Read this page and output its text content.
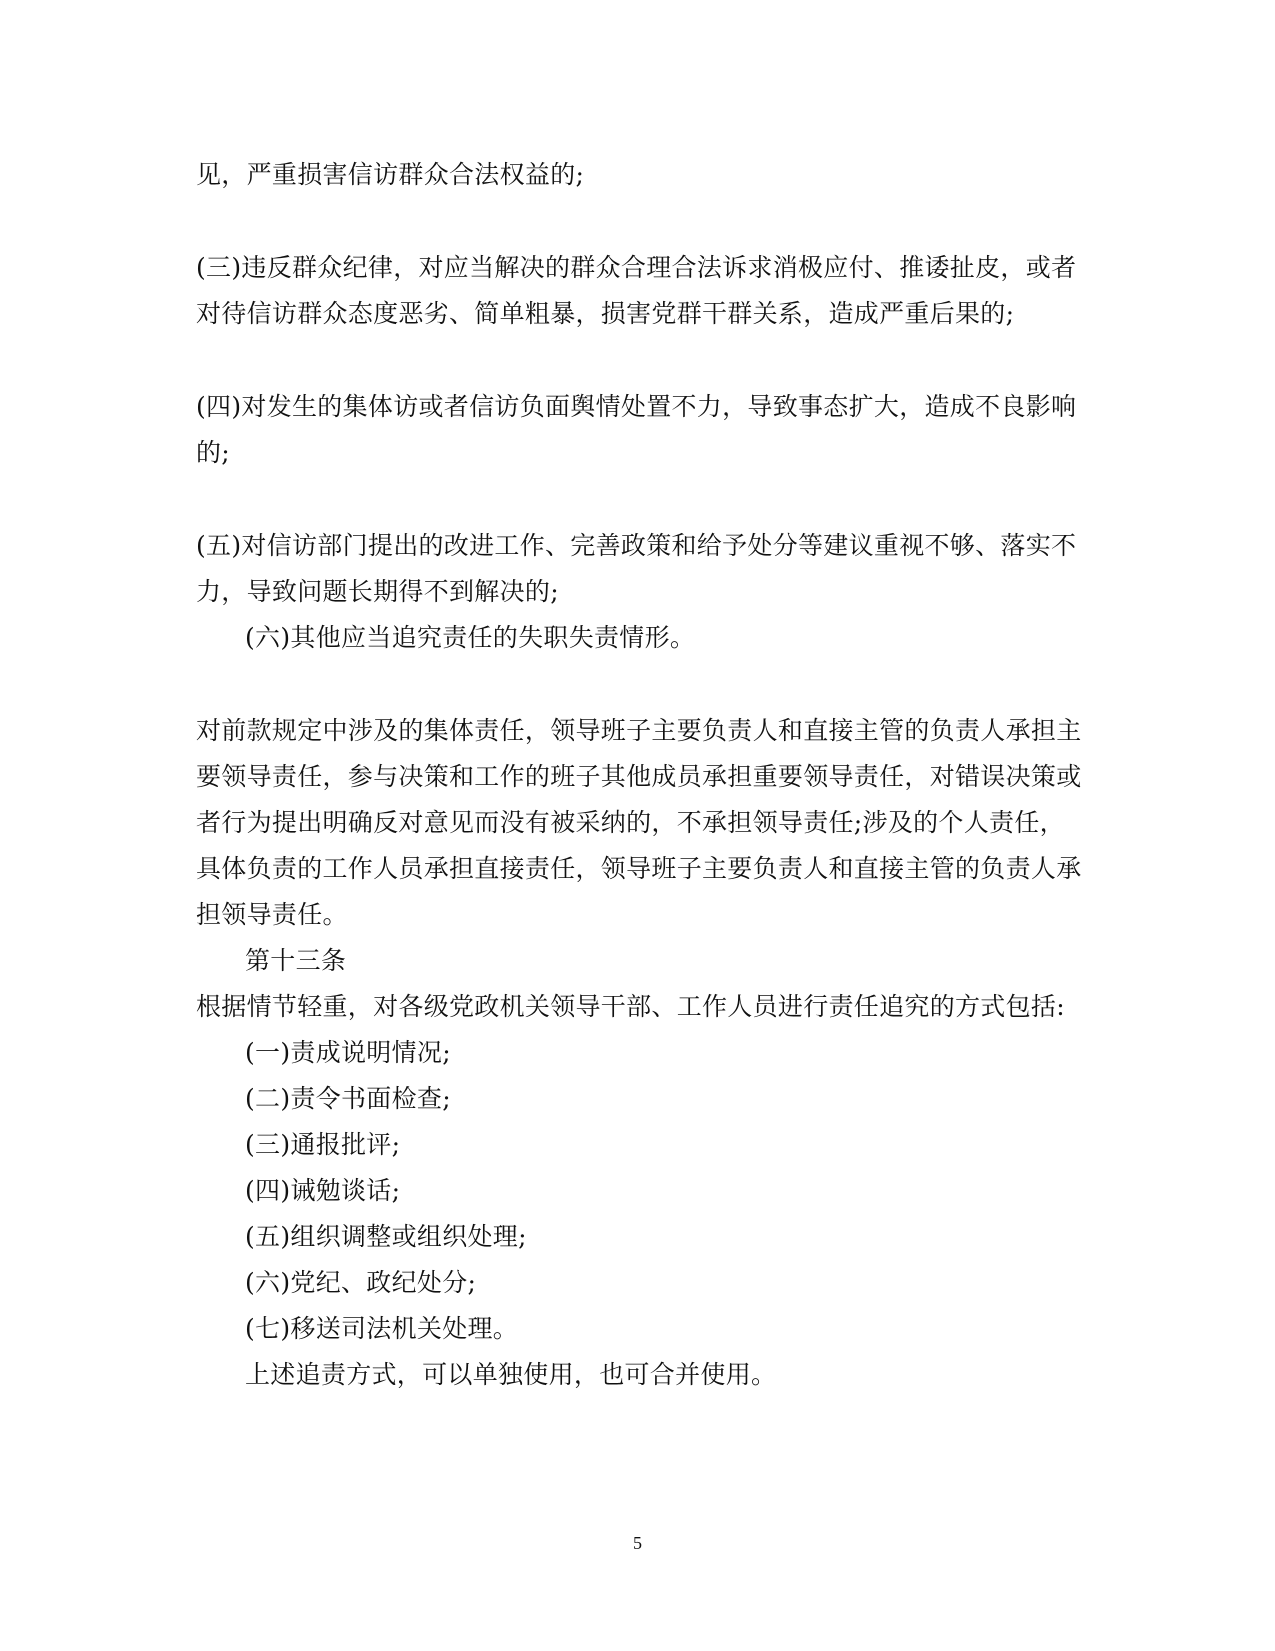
见，严重损害信访群众合法权益的;
(三)违反群众纪律，对应当解决的群众合理合法诉求消极应付、推诿扯皮，或者
对待信访群众态度恶劣、简单粗暴，损害党群干群关系，造成严重后果的;
(四)对发生的集体访或者信访负面舆情处置不力，导致事态扩大，造成不良影响
的;
(五)对信访部门提出的改进工作、完善政策和给予处分等建议重视不够、落实不
力，导致问题长期得不到解决的;
(六)其他应当追究责任的失职失责情形。
对前款规定中涉及的集体责任，领导班子主要负责人和直接主管的负责人承担主
要领导责任，参与决策和工作的班子其他成员承担重要领导责任，对错误决策或
者行为提出明确反对意见而没有被采纳的，不承担领导责任;涉及的个人责任，
具体负责的工作人员承担直接责任，领导班子主要负责人和直接主管的负责人承
担领导责任。
第十三条
根据情节轻重，对各级党政机关领导干部、工作人员进行责任追究的方式包括:
(一)责成说明情况;
(二)责令书面检查;
(三)通报批评;
(四)诫勉谈话;
(五)组织调整或组织处理;
(六)党纪、政纪处分;
(七)移送司法机关处理。
上述追责方式，可以单独使用，也可合并使用。
5
